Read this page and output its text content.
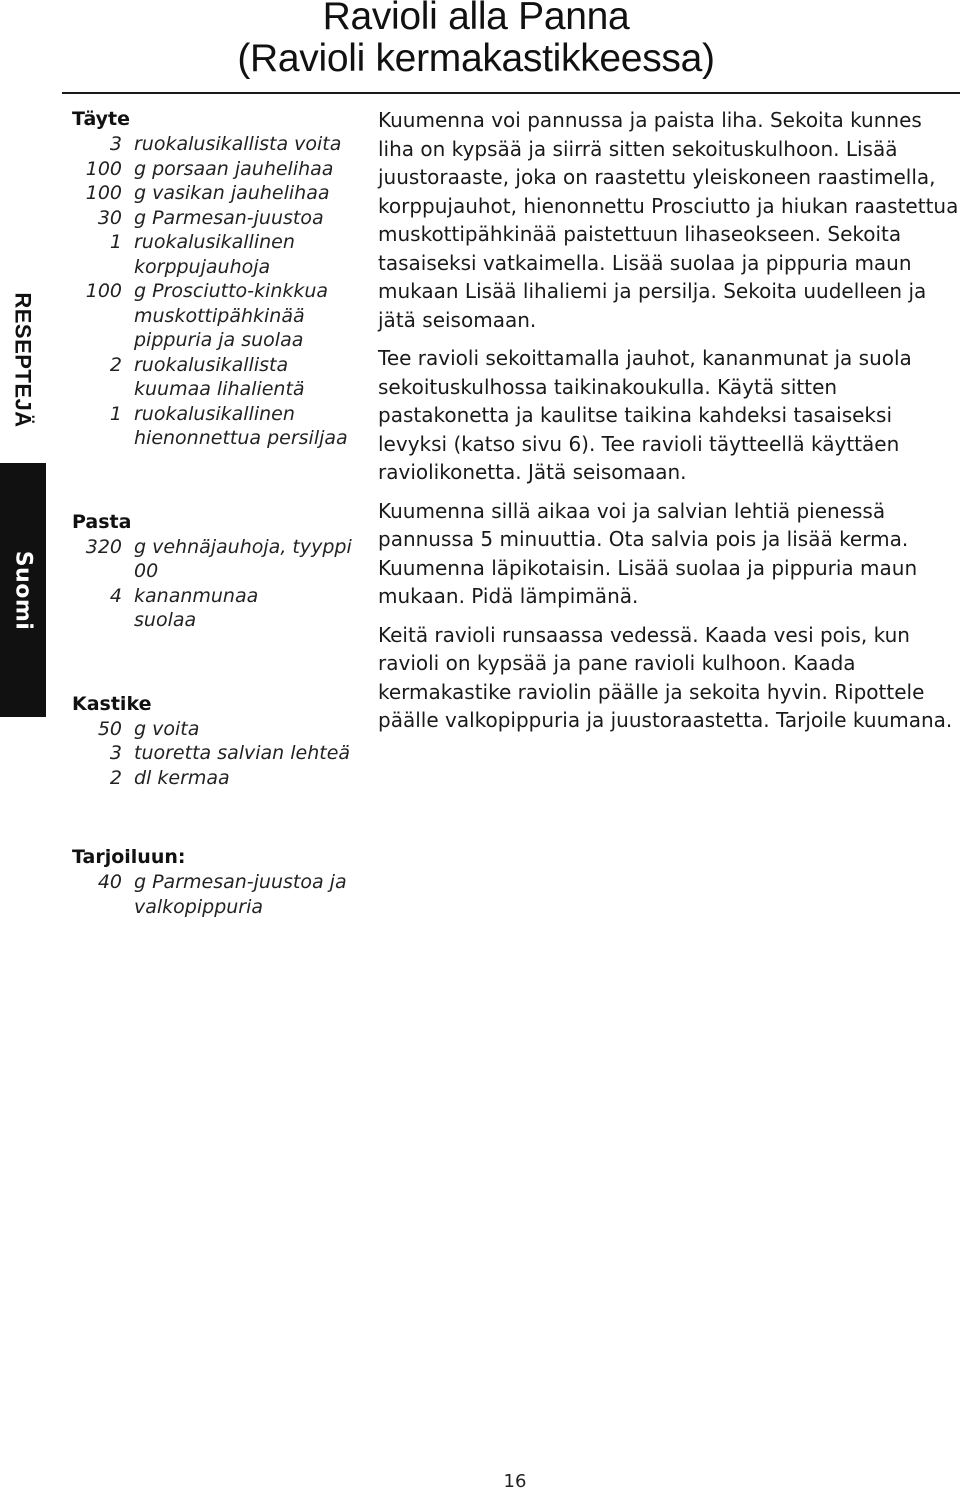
Ravioli alla Panna
(Ravioli kermakastikkeessa)
RESEPTEJÄ
Suomi
Täyte
3 ruokalusikallista voita
100 g porsaan jauhelihaa
100 g vasikan jauhelihaa
30 g Parmesan-juustoa
1 ruokalusikallinen korppujauhoja
100 g Prosciutto-kinkkua
muskottipähkinää
pippuria ja suolaa
2 ruokalusikallista kuumaa lihalientä
1 ruokalusikallinen hienonnettua persiljaa
Pasta
320 g vehnäjauhoja, tyyppi 00
4 kananmunaa
suolaa
Kastike
50 g voita
3 tuoretta salvian lehteä
2 dl kermaa
Tarjoiluun:
40 g Parmesan-juustoa ja valkopippuria

Kuumenna voi pannussa ja paista liha. Sekoita kunnes liha on kypsää ja siirrä sitten sekoituskulhoon. Lisää juustoraaste, joka on raastettu yleiskoneen raastimella, korppujauhot, hienonnettu Prosciutto ja hiukan raastettua muskottipähkinää paistettuun lihaseokseen. Sekoita tasaiseksi vatkaimella. Lisää suolaa ja pippuria maun mukaan Lisää lihaliemi ja persilja. Sekoita uudelleen ja jätä seisomaan.

Tee ravioli sekoittamalla jauhot, kananmunat ja suola sekoituskulhossa taikinakoukulla. Käytä sitten pastakonetta ja kaulitse taikina kahdeksi tasaiseksi levyksi (katso sivu 6). Tee ravioli täytteellä käyttäen raviolikonetta. Jätä seisomaan.

Kuumenna sillä aikaa voi ja salvian lehtiä pienessä pannussa 5 minuuttia. Ota salvia pois ja lisää kerma. Kuumenna läpikotaisin. Lisää suolaa ja pippuria maun mukaan. Pidä lämpimänä.

Keitä ravioli runsaassa vedessä. Kaada vesi pois, kun ravioli on kypsää ja pane ravioli kulhoon. Kaada kermakastike raviolin päälle ja sekoita hyvin. Ripottele päälle valkopippuria ja juustoraastetta. Tarjoile kuumana.

16
